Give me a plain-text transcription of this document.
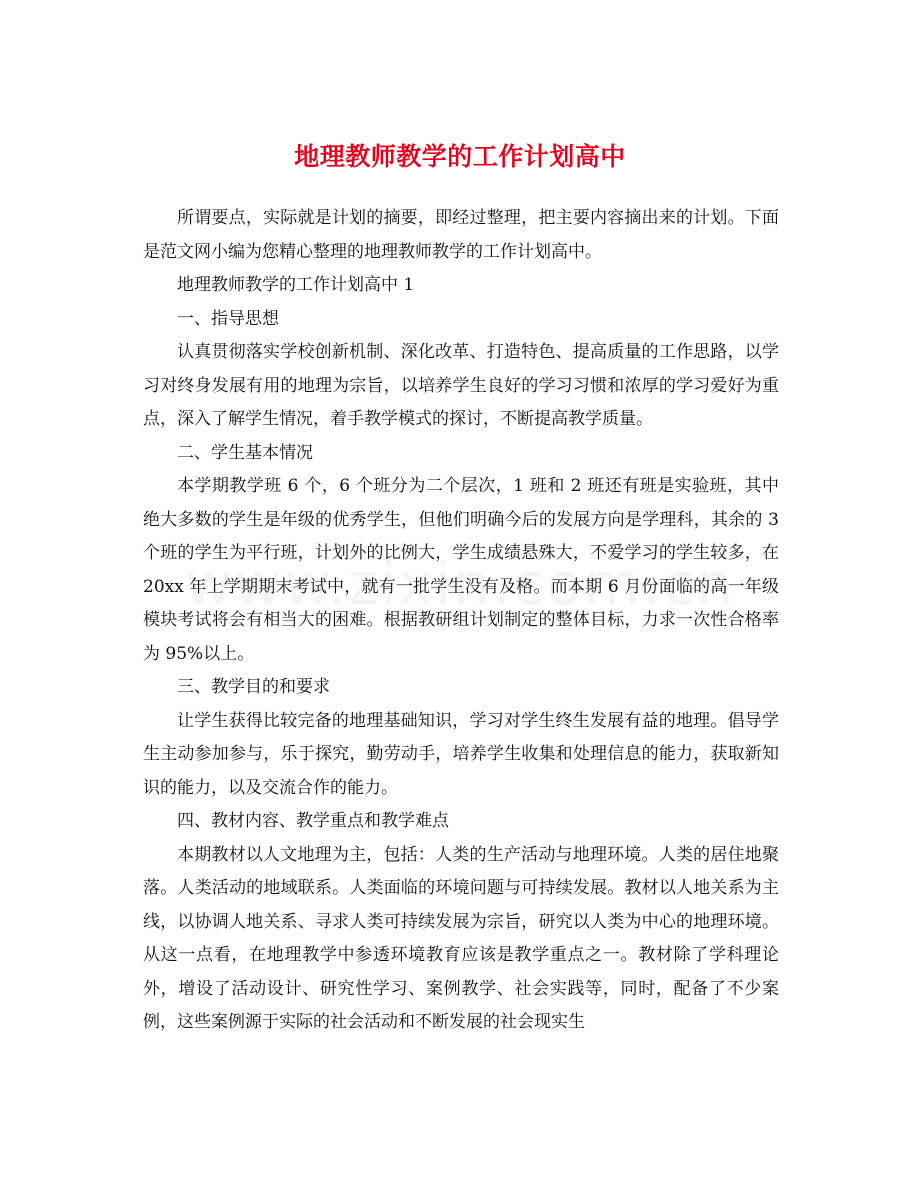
地理教师教学的工作计划高中

所谓要点，实际就是计划的摘要，即经过整理，把主要内容摘出来的计划。下面是范文网小编为您精心整理的地理教师教学的工作计划高中。

地理教师教学的工作计划高中 1

一、指导思想

认真贯彻落实学校创新机制、深化改革、打造特色、提高质量的工作思路，以学习对终身发展有用的地理为宗旨，以培养学生良好的学习习惯和浓厚的学习爱好为重点，深入了解学生情况，着手教学模式的探讨，不断提高教学质量。

二、学生基本情况

本学期教学班 6 个，6 个班分为二个层次，1 班和 2 班还有班是实验班，其中绝大多数的学生是年级的优秀学生，但他们明确今后的发展方向是学理科，其余的 3 个班的学生为平行班，计划外的比例大，学生成绩悬殊大，不爱学习的学生较多，在 20xx 年上学期期末考试中，就有一批学生没有及格。而本期 6 月份面临的高一年级模块考试将会有相当大的困难。根据教研组计划制定的整体目标，力求一次性合格率为 95%以上。

三、教学目的和要求

让学生获得比较完备的地理基础知识，学习对学生终生发展有益的地理。倡导学生主动参加参与，乐于探究，勤劳动手，培养学生收集和处理信息的能力，获取新知识的能力，以及交流合作的能力。

四、教材内容、教学重点和教学难点

本期教材以人文地理为主，包括：人类的生产活动与地理环境。人类的居住地聚落。人类活动的地域联系。人类面临的环境问题与可持续发展。教材以人地关系为主线，以协调人地关系、寻求人类可持续发展为宗旨，研究以人类为中心的地理环境。从这一点看，在地理教学中参透环境教育应该是教学重点之一。教材除了学科理论外，增设了活动设计、研究性学习、案例教学、社会实践等，同时，配备了不少案例，这些案例源于实际的社会活动和不断发展的社会现实生
